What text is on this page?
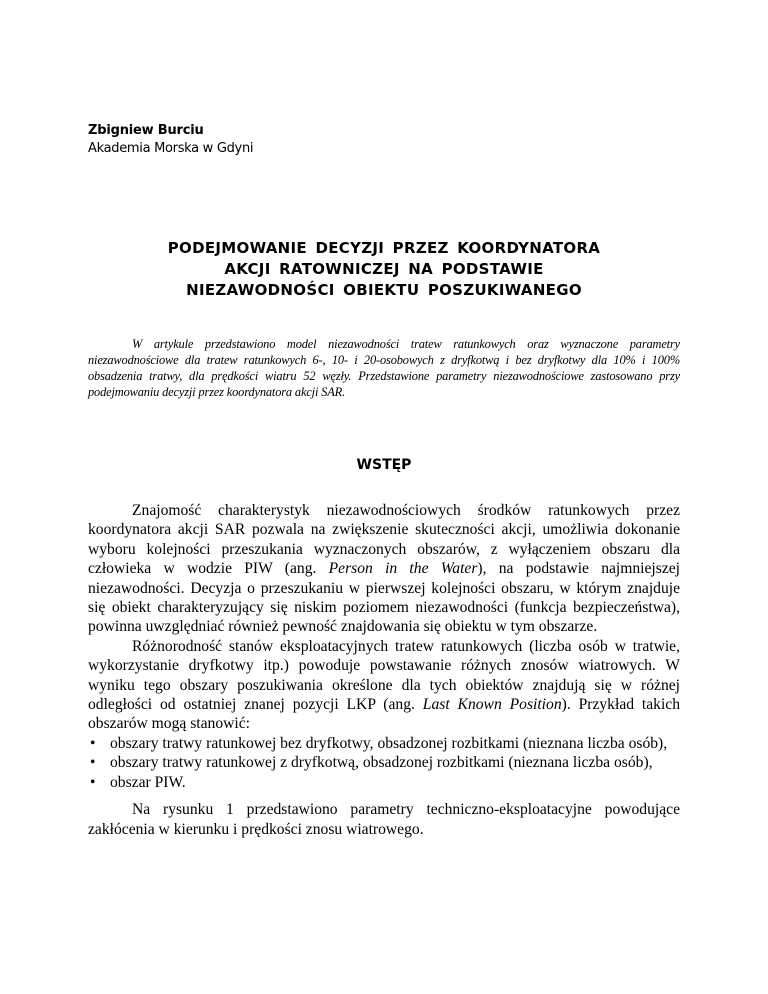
Zbigniew Burciu
Akademia Morska w Gdyni
PODEJMOWANIE DECYZJI PRZEZ KOORDYNATORA
AKCJI RATOWNICZEJ NA PODSTAWIE
NIEZAWODNOŚCI OBIEKTU POSZUKIWANEGO
W artykule przedstawiono model niezawodności tratew ratunkowych oraz wyznaczone parametry niezawodnościowe dla tratew ratunkowych 6-, 10- i 20-osobowych z dryfkotwą i bez dryfkotwy dla 10% i 100% obsadzenia tratwy, dla prędkości wiatru 52 węzły. Przedstawione parametry niezawodnościowe zastosowano przy podejmowaniu decyzji przez koordynatora akcji SAR.
WSTĘP

Znajomość charakterystyk niezawodnościowych środków ratunkowych przez koordynatora akcji SAR pozwala na zwiększenie skuteczności akcji, umożliwia dokonanie wyboru kolejności przeszukania wyznaczonych obszarów, z wyłączeniem obszaru dla człowieka w wodzie PIW (ang. Person in the Water), na podstawie najmniejszej niezawodności. Decyzja o przeszukaniu w pierwszej kolejności obszaru, w którym znajduje się obiekt charakteryzujący się niskim poziomem niezawodności (funkcja bezpieczeństwa), powinna uwzględniać również pewność znajdowania się obiektu w tym obszarze.

Różnorodność stanów eksploatacyjnych tratew ratunkowych (liczba osób w tratwie, wykorzystanie dryfkotwy itp.) powoduje powstawanie różnych znosów wiatrowych. W wyniku tego obszary poszukiwania określone dla tych obiektów znajdują się w różnej odległości od ostatniej znanej pozycji LKP (ang. Last Known Position). Przykład takich obszarów mogą stanowić:

• obszary tratwy ratunkowej bez dryfkotwy, obsadzonej rozbitkami (nieznana liczba osób),
• obszary tratwy ratunkowej z dryfkotwą, obsadzonej rozbitkami (nieznana liczba osób),
• obszar PIW.

Na rysunku 1 przedstawiono parametry techniczno-eksploatacyjne powodujące zakłócenia w kierunku i prędkości znosu wiatrowego.
